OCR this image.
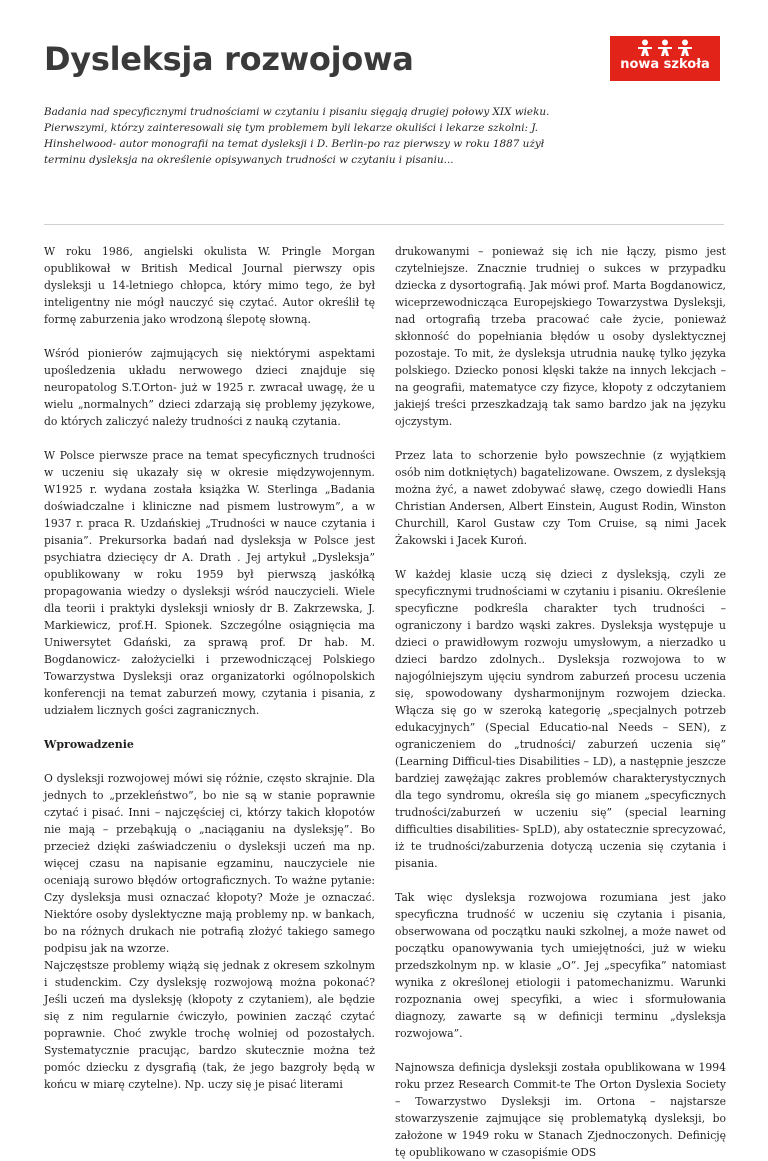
Dysleksja rozwojowa	nowa szkoła

Badania nad specyficznymi trudnościami w czytaniu i pisaniu sięgają drugiej połowy XIX wieku. Pierwszymi, którzy zainteresowali się tym problemem byli lekarze okuliści i lekarze szkolni: J. Hinshelwood- autor monografii na temat dysleksji i D. Berlin-po raz pierwszy w roku 1887 użył terminu dysleksja na określenie opisywanych trudności w czytaniu i pisaniu...

W roku 1986, angielski okulista W. Pringle Morgan opublikował w British Medical Journal pierwszy opis dysleksji u 14-letniego chłopca, który mimo tego, że był inteligentny nie mógł nauczyć się czytać. Autor określił tę formę zaburzenia jako wrodzoną ślepotę słowną.

Wśród pionierów zajmujących się niektórymi aspektami upośledzenia układu nerwowego dzieci znajduje się neuropatolog S.T.Orton- już w 1925 r. zwracał uwagę, że u wielu „normalnych” dzieci zdarzają się problemy językowe, do których zaliczyć należy trudności z nauką czytania.

W Polsce pierwsze prace na temat specyficznych trudności w uczeniu się ukazały się w okresie międzywojennym. W1925 r. wydana została książka W. Sterlinga „Badania doświadczalne i kliniczne nad pismem lustrowym”, a w 1937 r. praca R. Uzdańskiej „Trudności w nauce czytania i pisania”. Prekursorka badań nad dysleksja w Polsce jest psychiatra dziecięcy dr A. Drath . Jej artykuł „Dysleksja” opublikowany w roku 1959 był pierwszą jaskółką propagowania wiedzy o dysleksji wśród nauczycieli. Wiele dla teorii i praktyki dysleksji wniosły dr B. Zakrzewska, J. Markiewicz, prof.H. Spionek. Szczególne osiągnięcia ma Uniwersytet Gdański, za sprawą prof. Dr hab. M. Bogdanowicz- założycielki i przewodniczącej Polskiego Towarzystwa Dysleksji oraz organizatorki ogólnopolskich konferencji na temat zaburzeń mowy, czytania i pisania, z udziałem licznych gości zagranicznych.

Wprowadzenie

O dysleksji rozwojowej mówi się różnie, często skrajnie. Dla jednych to „przekleństwo”, bo nie są w stanie poprawnie czytać i pisać. Inni – najczęściej ci, którzy takich kłopotów nie mają – przebąkują o „naciąganiu na dysleksję”. Bo przecież dzięki zaświadczeniu o dysleksji uczeń ma np. więcej czasu na napisanie egzaminu, nauczyciele nie oceniają surowo błędów ortograficznych. To ważne pytanie: Czy dysleksja musi oznaczać kłopoty? Może je oznaczać. Niektóre osoby dyslektyczne mają problemy np. w bankach, bo na różnych drukach nie potrafią złożyć takiego samego podpisu jak na wzorze.

Najczęstsze problemy wiążą się jednak z okresem szkolnym i studenckim. Czy dysleksję rozwojową można pokonać? Jeśli uczeń ma dysleksję (kłopoty z czytaniem), ale będzie się z nim regularnie ćwiczyło, powinien zacząć czytać poprawnie. Choć zwykle trochę wolniej od pozostałych. Systematycznie pracując, bardzo skutecznie można też pomóc dziecku z dysgrafią (tak, że jego bazgroły będą w końcu w miarę czytelne). Np. uczy się je pisać literami

drukowanymi – ponieważ się ich nie łączy, pismo jest czytelniejsze. Znacznie trudniej o sukces w przypadku dziecka z dysortografią. Jak mówi prof. Marta Bogdanowicz, wiceprzewodnicząca Europejskiego Towarzystwa Dysleksji, nad ortografią trzeba pracować całe życie, ponieważ skłonność do popełniania błędów u osoby dyslektycznej pozostaje. To mit, że dysleksja utrudnia naukę tylko języka polskiego. Dziecko ponosi klęski także na innych lekcjach – na geografii, matematyce czy fizyce, kłopoty z odczytaniem jakiejś treści przeszkadzają tak samo bardzo jak na języku ojczystym.

Przez lata to schorzenie było powszechnie (z wyjątkiem osób nim dotkniętych) bagatelizowane. Owszem, z dysleksją można żyć, a nawet zdobywać sławę, czego dowiedli Hans Christian Andersen, Albert Einstein, August Rodin, Winston Churchill, Karol Gustaw czy Tom Cruise, są nimi Jacek Żakowski i Jacek Kuroń.

W każdej klasie uczą się dzieci z dysleksją, czyli ze specyficznymi trudnościami w czytaniu i pisaniu. Określenie specyficzne podkreśla charakter tych trudności – ograniczony i bardzo wąski zakres. Dysleksja występuje u dzieci o prawidłowym rozwoju umysłowym, a nierzadko u dzieci bardzo zdolnych.. Dysleksja rozwojowa to w najogólniejszym ujęciu syndrom zaburzeń procesu uczenia się, spowodowany dysharmonijnym rozwojem dziecka. Włącza się go w szeroką kategorię „specjalnych potrzeb edukacyjnych” (Special Educatio-nal Needs – SEN), z ograniczeniem do „trudności/ zaburzeń uczenia się” (Learning Difficul-ties Disabilities – LD), a następnie jeszcze bardziej zawężając zakres problemów charakterystycznych dla tego syndromu, określa się go mianem „specyficznych trudności/zaburzeń w uczeniu się” (special learning difficulties disabilities- SpLD), aby ostatecznie sprecyzować, iż te trudności/zaburzenia dotyczą uczenia się czytania i pisania.

Tak więc dysleksja rozwojowa rozumiana jest jako specyficzna trudność w uczeniu się czytania i pisania, obserwowana od początku nauki szkolnej, a może nawet od początku opanowywania tych umiejętności, już w wieku przedszkolnym np. w klasie „O”. Jej „specyfika” natomiast wynika z określonej etiologii i patomechanizmu. Warunki rozpoznania owej specyfiki, a wiec i sformułowania diagnozy, zawarte są w definicji terminu „dysleksja rozwojowa”.

Najnowsza definicja dysleksji została opublikowana w 1994 roku przez Research Commit-te The Orton Dyslexia Society – Towarzystwo Dysleksji im. Ortona – najstarsze stowarzyszenie zajmujące się problematyką dysleksji, bo założone w 1949 roku w Stanach Zjednoczonych. Definicję tę opublikowano w czasopiśmie ODS
